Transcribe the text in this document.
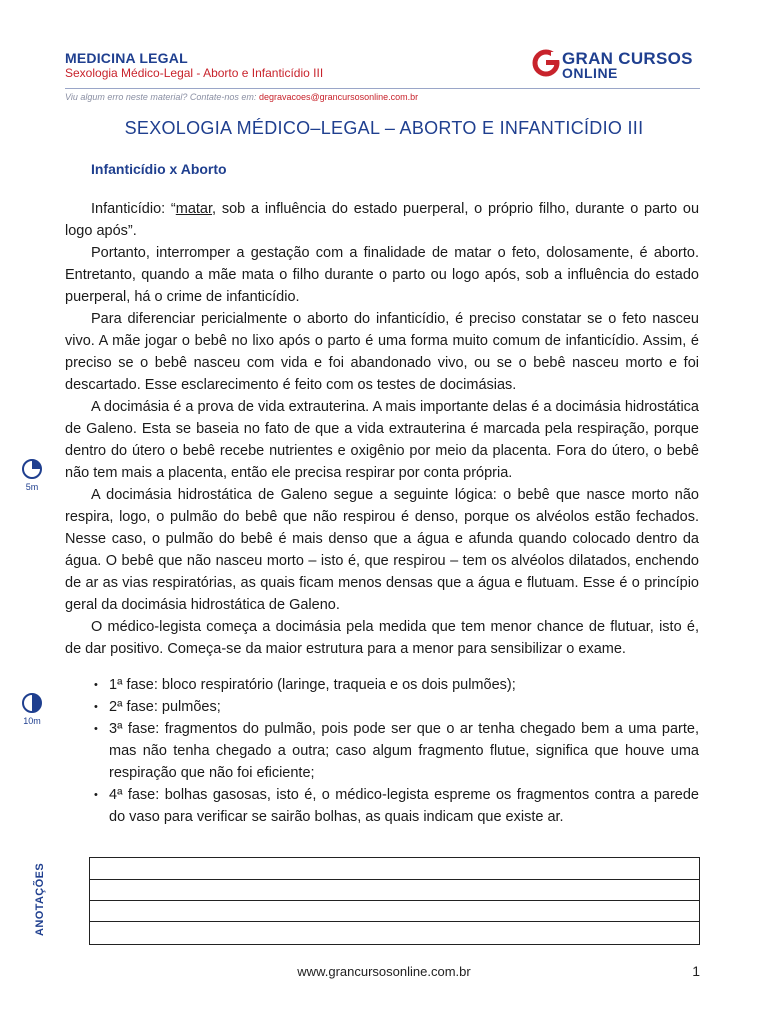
MEDICINA LEGAL
Sexologia Médico-Legal - Aborto e Infanticídio III
GRAN CURSOS
ONLINE
Viu algum erro neste material? Contate-nos em: degravacoes@grancursosonline.com.br
SEXOLOGIA MÉDICO–LEGAL – ABORTO E INFANTICÍDIO III
Infanticídio x Aborto

Infanticídio: “matar, sob a influência do estado puerperal, o próprio filho, durante o parto ou logo após”.

Portanto, interromper a gestação com a finalidade de matar o feto, dolosamente, é aborto. Entretanto, quando a mãe mata o filho durante o parto ou logo após, sob a influência do estado puerperal, há o crime de infanticídio.

Para diferenciar pericialmente o aborto do infanticídio, é preciso constatar se o feto nasceu vivo. A mãe jogar o bebê no lixo após o parto é uma forma muito comum de infanticídio. Assim, é preciso se o bebê nasceu com vida e foi abandonado vivo, ou se o bebê nasceu morto e foi descartado. Esse esclarecimento é feito com os testes de docimásias.

A docimásia é a prova de vida extrauterina. A mais importante delas é a docimásia hidrostática de Galeno. Esta se baseia no fato de que a vida extrauterina é marcada pela respiração, porque dentro do útero o bebê recebe nutrientes e oxigênio por meio da placenta. Fora do útero, o bebê não tem mais a placenta, então ele precisa respirar por conta própria.

A docimásia hidrostática de Galeno segue a seguinte lógica: o bebê que nasce morto não respira, logo, o pulmão do bebê que não respirou é denso, porque os alvéolos estão fechados. Nesse caso, o pulmão do bebê é mais denso que a água e afunda quando colocado dentro da água. O bebê que não nasceu morto – isto é, que respirou – tem os alvéolos dilatados, enchendo de ar as vias respiratórias, as quais ficam menos densas que a água e flutuam. Esse é o princípio geral da docimásia hidrostática de Galeno.

O médico-legista começa a docimásia pela medida que tem menor chance de flutuar, isto é, de dar positivo. Começa-se da maior estrutura para a menor para sensibilizar o exame.

• 1ª fase: bloco respiratório (laringe, traqueia e os dois pulmões);
• 2ª fase: pulmões;
• 3ª fase: fragmentos do pulmão, pois pode ser que o ar tenha chegado bem a uma parte, mas não tenha chegado a outra; caso algum fragmento flutue, significa que houve uma respiração que não foi eficiente;
• 4ª fase: bolhas gasosas, isto é, o médico-legista espreme os fragmentos contra a parede do vaso para verificar se sairão bolhas, as quais indicam que existe ar.
5m
10m
ANOTAÇÕES
www.grancursosonline.com.br	1
